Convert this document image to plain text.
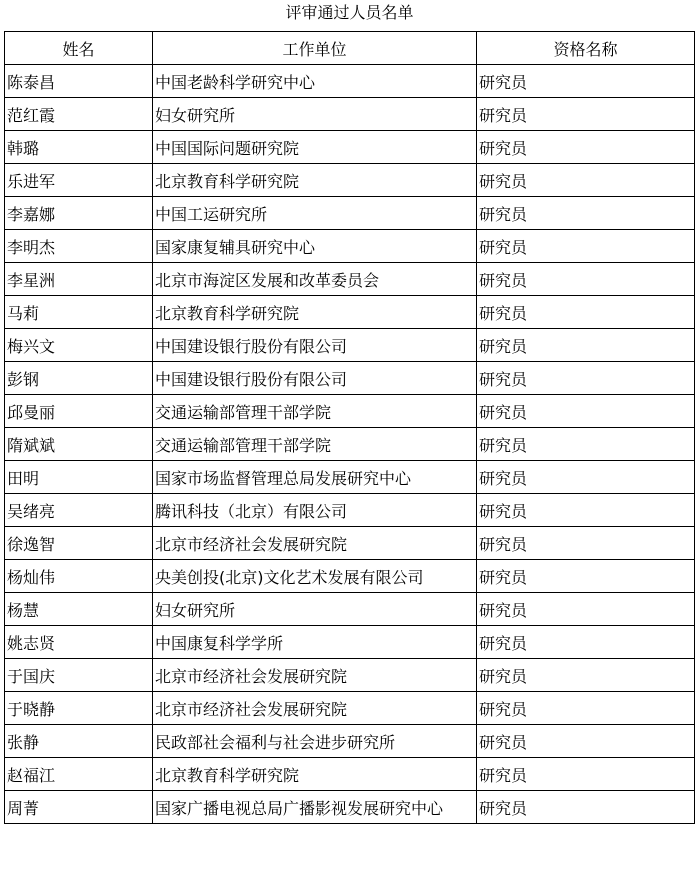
评审通过人员名单
姓名	工作单位	资格名称
陈泰昌	中国老龄科学研究中心	研究员
范红霞	妇女研究所	研究员
韩璐	中国国际问题研究院	研究员
乐进军	北京教育科学研究院	研究员
李嘉娜	中国工运研究所	研究员
李明杰	国家康复辅具研究中心	研究员
李星洲	北京市海淀区发展和改革委员会	研究员
马莉	北京教育科学研究院	研究员
梅兴文	中国建设银行股份有限公司	研究员
彭钢	中国建设银行股份有限公司	研究员
邱曼丽	交通运输部管理干部学院	研究员
隋斌斌	交通运输部管理干部学院	研究员
田明	国家市场监督管理总局发展研究中心	研究员
吴绪亮	腾讯科技（北京）有限公司	研究员
徐逸智	北京市经济社会发展研究院	研究员
杨灿伟	央美创投(北京)文化艺术发展有限公司	研究员
杨慧	妇女研究所	研究员
姚志贤	中国康复科学学所	研究员
于国庆	北京市经济社会发展研究院	研究员
于晓静	北京市经济社会发展研究院	研究员
张静	民政部社会福利与社会进步研究所	研究员
赵福江	北京教育科学研究院	研究员
周菁	国家广播电视总局广播影视发展研究中心	研究员
